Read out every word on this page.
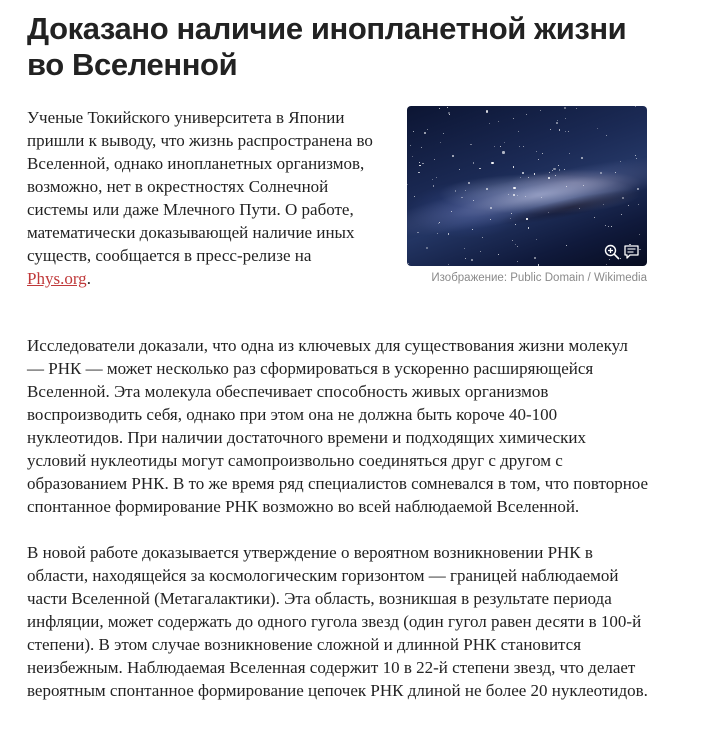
Доказано наличие инопланетной жизни во Вселенной

Ученые Токийского университета в Японии пришли к выводу, что жизнь распространена во Вселенной, однако инопланетных организмов, возможно, нет в окрестностях Солнечной системы или даже Млечного Пути. О работе, математически доказывающей наличие иных существ, сообщается в пресс-релизе на Phys.org.	Изображение: Public Domain / Wikimedia

Исследователи доказали, что одна из ключевых для существования жизни молекул — РНК — может несколько раз сформироваться в ускоренно расширяющейся Вселенной. Эта молекула обеспечивает способность живых организмов воспроизводить себя, однако при этом она не должна быть короче 40-100 нуклеотидов. При наличии достаточного времени и подходящих химических условий нуклеотиды могут самопроизвольно соединяться друг с другом с образованием РНК. В то же время ряд специалистов сомневался в том, что повторное спонтанное формирование РНК возможно во всей наблюдаемой Вселенной.

В новой работе доказывается утверждение о вероятном возникновении РНК в области, находящейся за космологическим горизонтом — границей наблюдаемой части Вселенной (Метагалактики). Эта область, возникшая в результате периода инфляции, может содержать до одного гугола звезд (один гугол равен десяти в 100-й степени). В этом случае возникновение сложной и длинной РНК становится неизбежным. Наблюдаемая Вселенная содержит 10 в 22-й степени звезд, что делает вероятным спонтанное формирование цепочек РНК длиной не более 20 нуклеотидов.
